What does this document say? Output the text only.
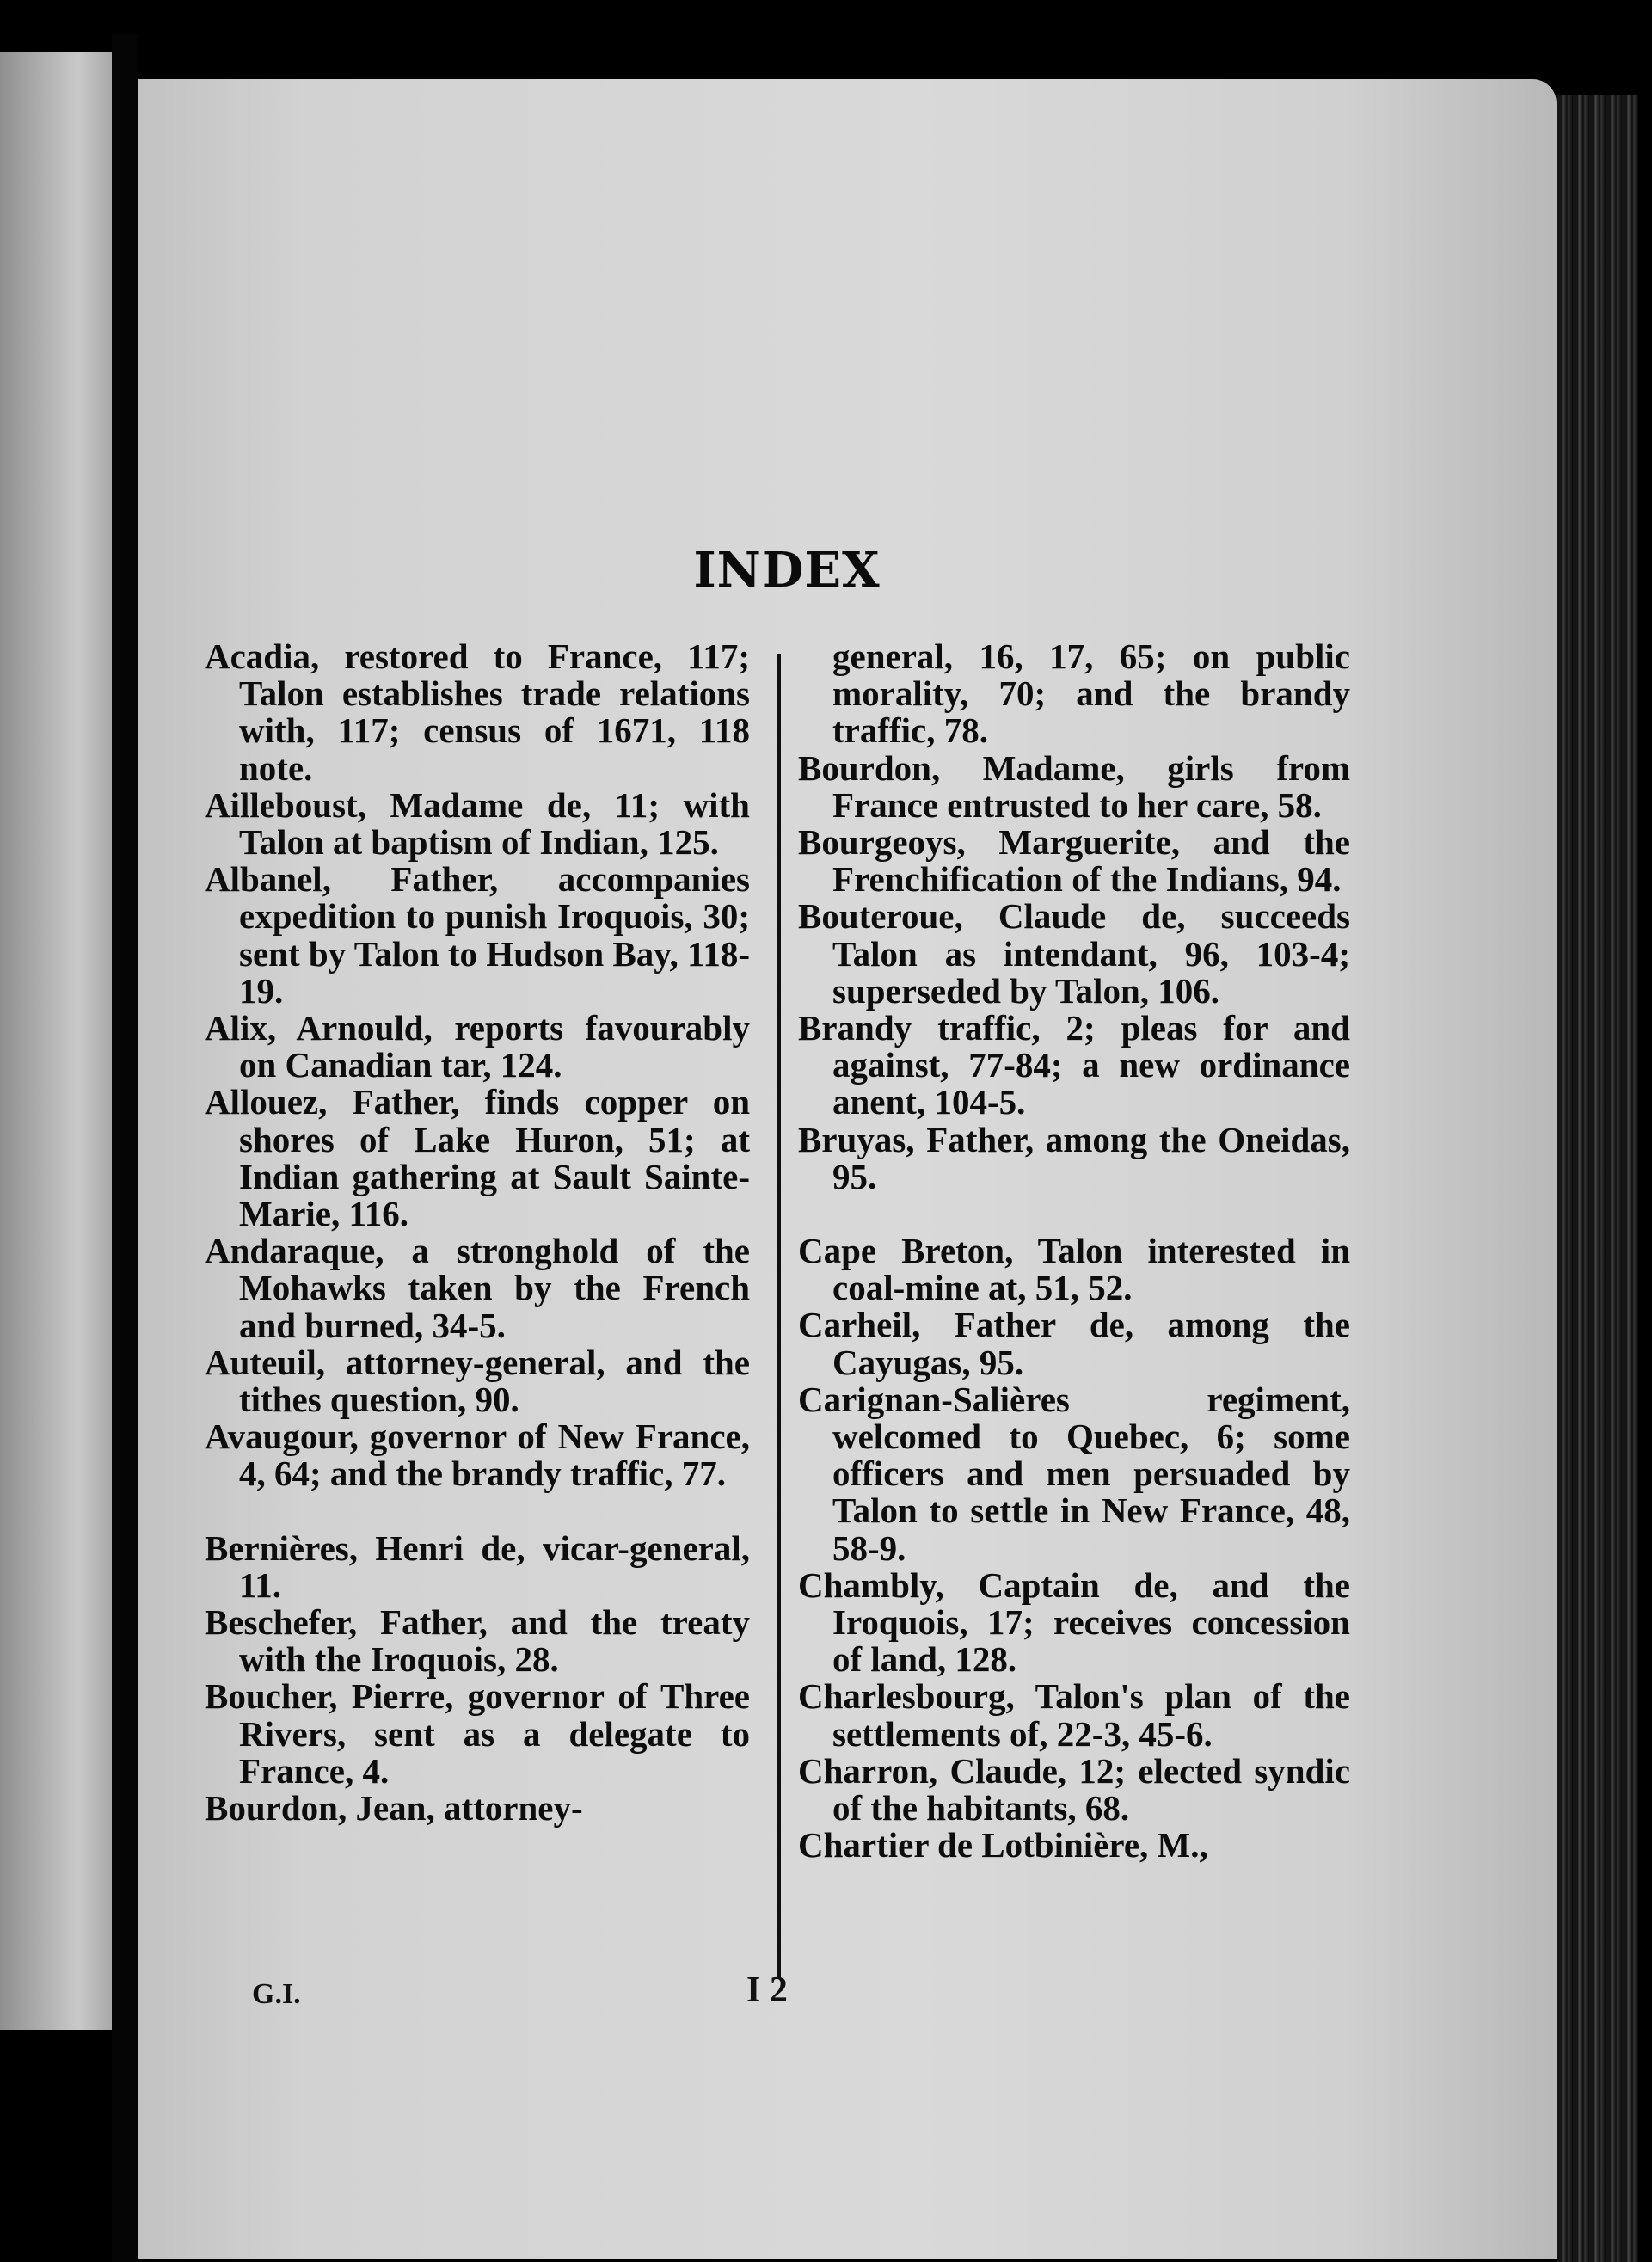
INDEX

Acadia, restored to France, 117; Talon establishes trade relations with, 117; census of 1671, 118 note.

Ailleboust, Madame de, 11; with Talon at baptism of Indian, 125.

Albanel, Father, accompanies expedition to punish Iroquois, 30; sent by Talon to Hudson Bay, 118-19.

Alix, Arnould, reports favourably on Canadian tar, 124.

Allouez, Father, finds copper on shores of Lake Huron, 51; at Indian gathering at Sault Sainte-Marie, 116.

Andaraque, a stronghold of the Mohawks taken by the French and burned, 34-5.

Auteuil, attorney-general, and the tithes question, 90.

Avaugour, governor of New France, 4, 64; and the brandy traffic, 77.

Bernières, Henri de, vicar-general, 11.

Beschefer, Father, and the treaty with the Iroquois, 28.

Boucher, Pierre, governor of Three Rivers, sent as a delegate to France, 4.

Bourdon, Jean, attorney-

general, 16, 17, 65; on public morality, 70; and the brandy traffic, 78.

Bourdon, Madame, girls from France entrusted to her care, 58.

Bourgeoys, Marguerite, and the Frenchification of the Indians, 94.

Bouteroue, Claude de, succeeds Talon as intendant, 96, 103-4; superseded by Talon, 106.

Brandy traffic, 2; pleas for and against, 77-84; a new ordinance anent, 104-5.

Bruyas, Father, among the Oneidas, 95.

Cape Breton, Talon interested in coal-mine at, 51, 52.

Carheil, Father de, among the Cayugas, 95.

Carignan-Salières regiment, welcomed to Quebec, 6; some officers and men persuaded by Talon to settle in New France, 48, 58-9.

Chambly, Captain de, and the Iroquois, 17; receives concession of land, 128.

Charlesbourg, Talon's plan of the settlements of, 22-3, 45-6.

Charron, Claude, 12; elected syndic of the habitants, 68.

Chartier de Lotbinière, M.,

G.I.	I 2
